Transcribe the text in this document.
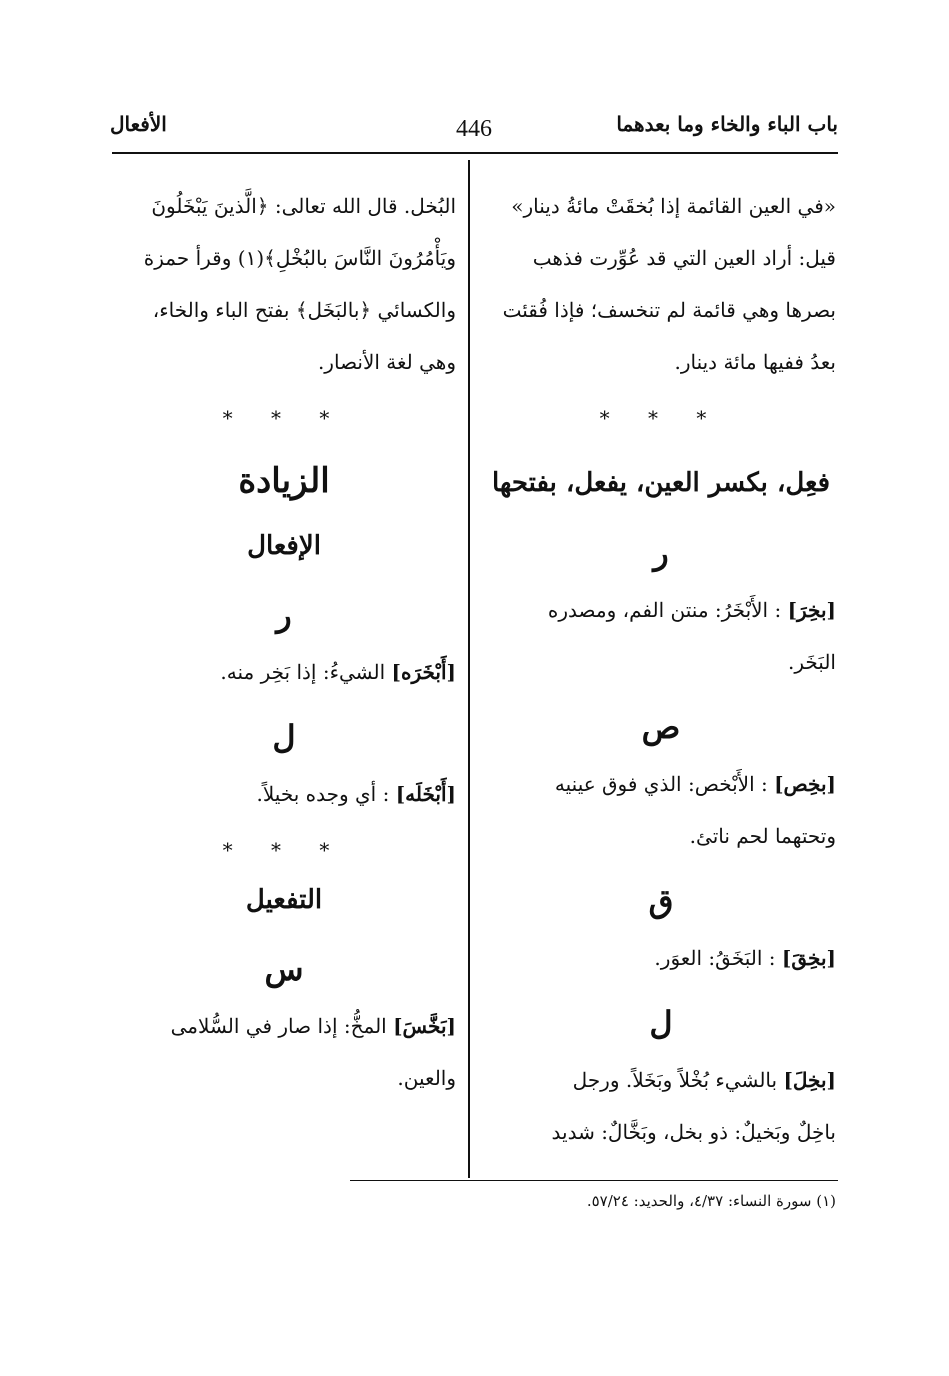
باب الباء والخاء وما بعدهما
446
الأفعال

«في العين القائمة إذا بُخقَتْ مائةُ دينار»

قيل: أراد العين التي قد عُوِّرت فذهب

بصرها وهي قائمة لم تنخسف؛ فإذا فُقئت

بعدُ ففيها مائة دينار.

* * *
فعِل، بكسر العين، يفعل، بفتحها
ر

[بخِرَ] : الأَبْخَرُ: منتن الفم، ومصدره

البَخَر.

ص

[بخِص] : الأَبْخص: الذي فوق عينيه

وتحتهما لحم ناتئ.

ق

[بخِقَ] : البَخَقُ: العوَر.

ل

[بخِلَ] بالشيء بُخْلاً وبَخَلاً. ورجل

باخِلٌ وبَخيلٌ: ذو بخل، وبَخَّالٌ: شديد

البُخل. قال الله تعالى: ﴿الَّذينَ يَبْخَلُونَ

ويَأْمُرُونَ النَّاسَ بالبُخْلِ﴾(١) وقرأ حمزة

والكسائي ﴿بالبَخَل﴾ بفتح الباء والخاء،

وهي لغة الأنصار.

* * *
الزيادة
الإفعال
ر

[أَبْخَرَه] الشيءُ: إذا بَخِر منه.

ل

[أَبْخَلَه] : أي وجده بخيلاً.

* * *
التفعيل
س

[بَخَّسَ] المخُّ: إذا صار في السُّلامى

والعين.

(١) سورة النساء: ٤/٣٧، والحديد: ٥٧/٢٤.
